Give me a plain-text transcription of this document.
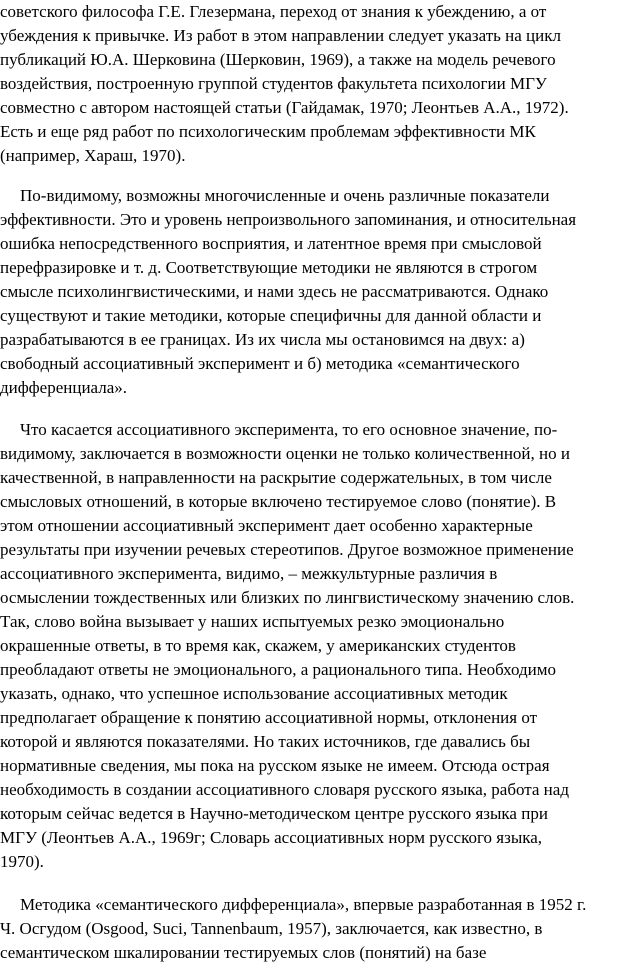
советского философа Г.Е. Глезермана, переход от знания к убеждению, а от
убеждения к привычке. Из работ в этом направлении следует указать на цикл
публикаций Ю.А. Шерковина (Шерковин, 1969), а также на модель речевого
воздействия, построенную группой студентов факультета психологии МГУ
совместно с автором настоящей статьи (Гайдамак, 1970; Леонтьев А.А., 1972).
Есть и еще ряд работ по психологическим проблемам эффективности МК
(например, Хараш, 1970).
По-видимому, возможны многочисленные и очень различные показатели
эффективности. Это и уровень непроизвольного запоминания, и относительная
ошибка непосредственного восприятия, и латентное время при смысловой
перефразировке и т. д. Соответствующие методики не являются в строгом
смысле психолингвистическими, и нами здесь не рассматриваются. Однако
существуют и такие методики, которые специфичны для данной области и
разрабатываются в ее границах. Из их числа мы остановимся на двух: а)
свободный ассоциативный эксперимент и б) методика «семантического
дифференциала».
Что касается ассоциативного эксперимента, то его основное значение, по-
видимому, заключается в возможности оценки не только количественной, но и
качественной, в направленности на раскрытие содержательных, в том числе
смысловых отношений, в которые включено тестируемое слово (понятие). В
этом отношении ассоциативный эксперимент дает особенно характерные
результаты при изучении речевых стереотипов. Другое возможное применение
ассоциативного эксперимента, видимо, – межкультурные различия в
осмыслении тождественных или близких по лингвистическому значению слов.
Так, слово война вызывает у наших испытуемых резко эмоционально
окрашенные ответы, в то время как, скажем, у американских студентов
преобладают ответы не эмоционального, а рационального типа. Необходимо
указать, однако, что успешное использование ассоциативных методик
предполагает обращение к понятию ассоциативной нормы, отклонения от
которой и являются показателями. Но таких источников, где давались бы
нормативные сведения, мы пока на русском языке не имеем. Отсюда острая
необходимость в создании ассоциативного словаря русского языка, работа над
которым сейчас ведется в Научно-методическом центре русского языка при
МГУ (Леонтьев А.А., 1969г; Словарь ассоциативных норм русского языка,
1970).
Методика «семантического дифференциала», впервые разработанная в 1952 г.
Ч. Осгудом (Osgood, Suci, Tannenbaum, 1957), заключается, как известно, в
семантическом шкалировании тестируемых слов (понятий) на базе
